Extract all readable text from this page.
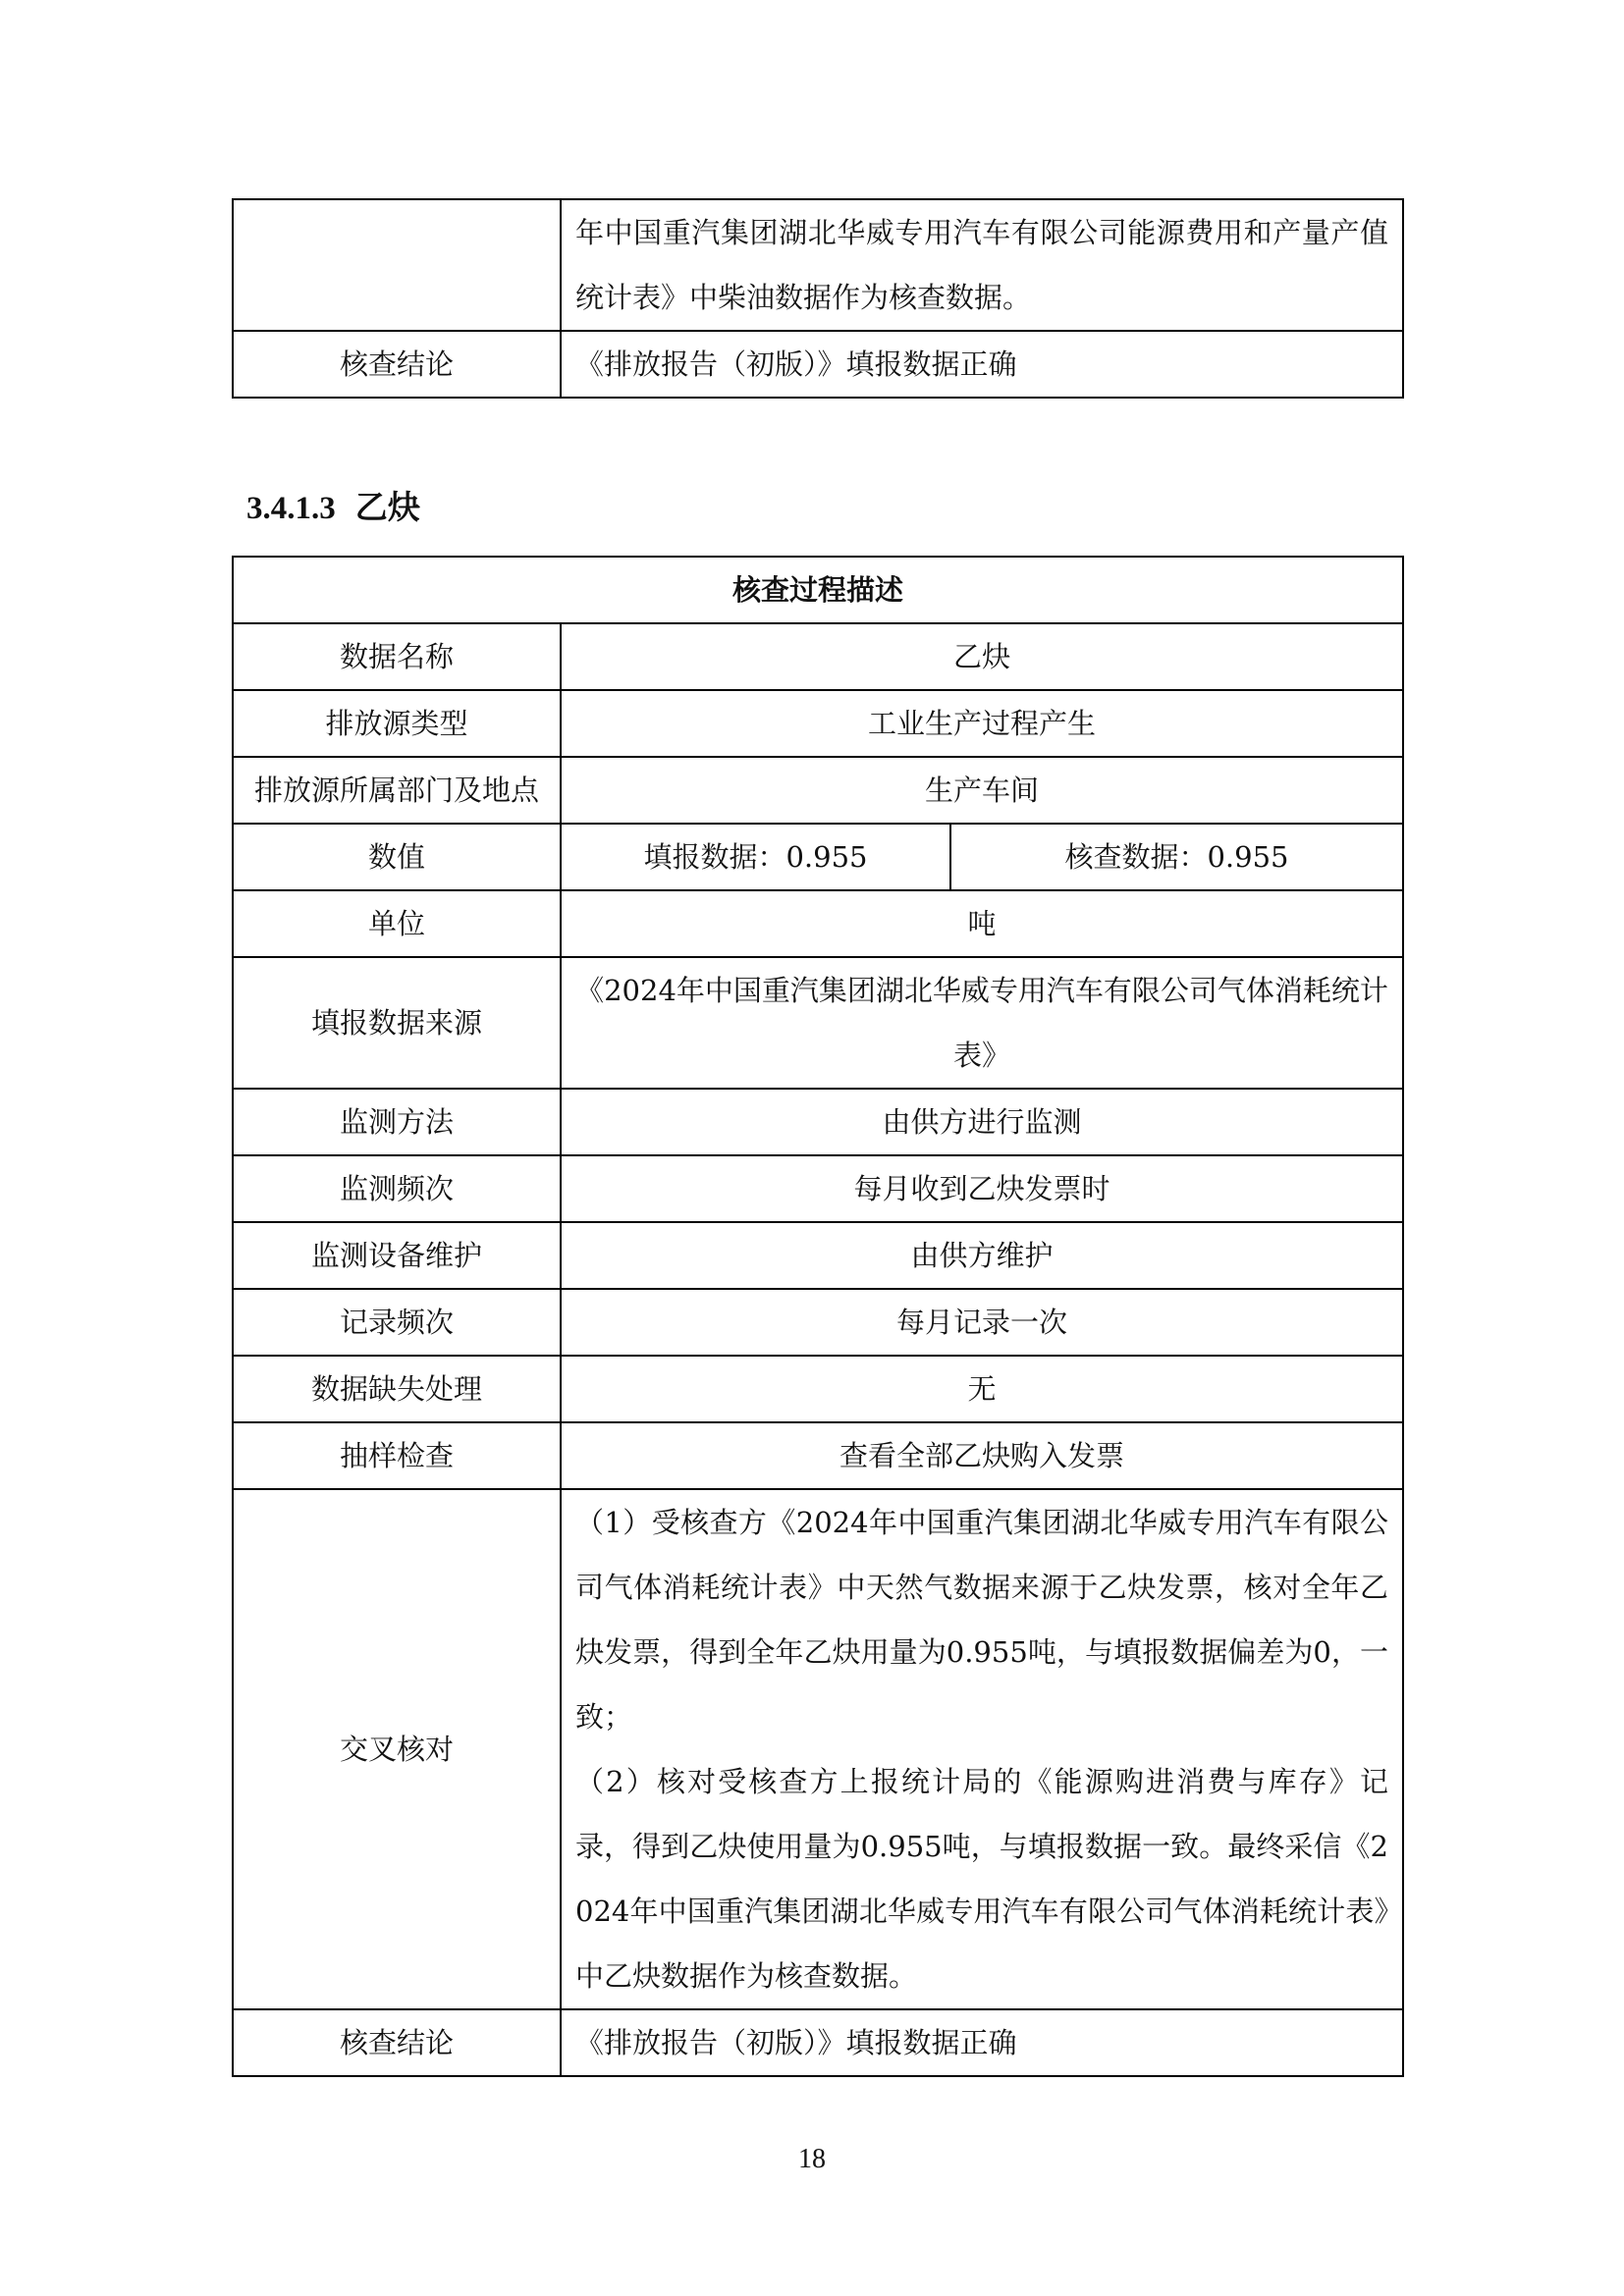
	年中国重汽集团湖北华威专用汽车有限公司能源费用和产量产值统计表》中柴油数据作为核查数据。
核查结论	《排放报告（初版）》填报数据正确
3.4.1.3 乙炔
核查过程描述		
数据名称	乙炔	
排放源类型	工业生产过程产生	
排放源所属部门及地点	生产车间	
数值	填报数据：0.955	核查数据：0.955
单位	吨	
填报数据来源	《2024年中国重汽集团湖北华威专用汽车有限公司气体消耗统计表》	
监测方法	由供方进行监测	
监测频次	每月收到乙炔发票时	
监测设备维护	由供方维护	
记录频次	每月记录一次	
数据缺失处理	无	
抽样检查	查看全部乙炔购入发票	
交叉核对	（1）受核查方《2024年中国重汽集团湖北华威专用汽车有限公司气体消耗统计表》中天然气数据来源于乙炔发票，核对全年乙炔发票，得到全年乙炔用量为0.955吨，与填报数据偏差为0，一致；
（2）核对受核查方上报统计局的《能源购进消费与库存》记录，得到乙炔使用量为0.955吨，与填报数据一致。最终采信《2024年中国重汽集团湖北华威专用汽车有限公司气体消耗统计表》中乙炔数据作为核查数据。	

核查结论	《排放报告（初版）》填报数据正确	
18
